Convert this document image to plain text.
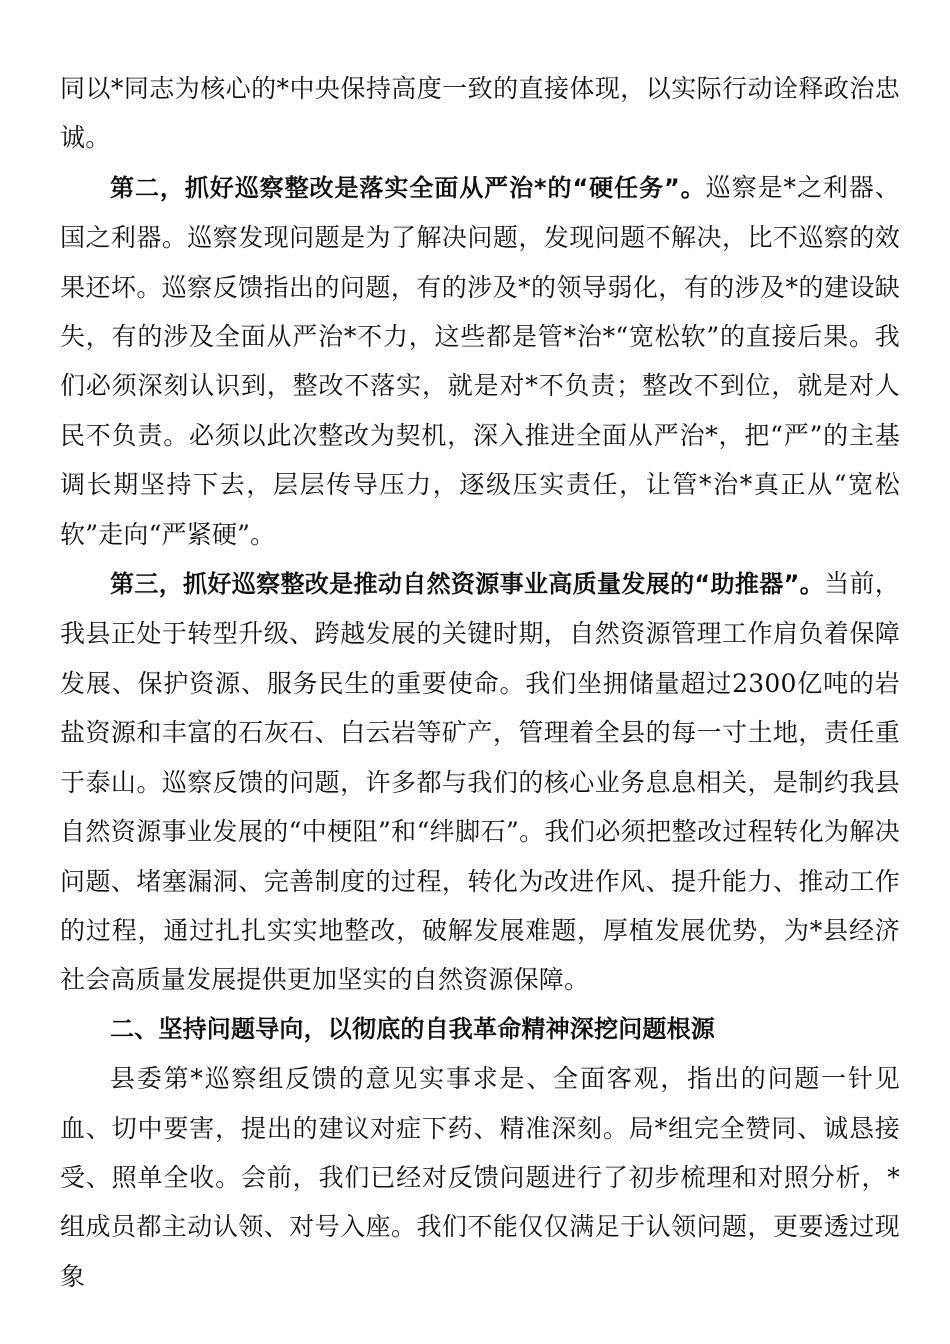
同以*同志为核心的*中央保持高度一致的直接体现，以实际行动诠释政治忠诚。

第二，抓好巡察整改是落实全面从严治*的“硬任务”。巡察是*之利器、国之利器。巡察发现问题是为了解决问题，发现问题不解决，比不巡察的效果还坏。巡察反馈指出的问题，有的涉及*的领导弱化，有的涉及*的建设缺失，有的涉及全面从严治*不力，这些都是管*治*“宽松软”的直接后果。我们必须深刻认识到，整改不落实，就是对*不负责；整改不到位，就是对人民不负责。必须以此次整改为契机，深入推进全面从严治*，把“严”的主基调长期坚持下去，层层传导压力，逐级压实责任，让管*治*真正从“宽松软”走向“严紧硬”。

第三，抓好巡察整改是推动自然资源事业高质量发展的“助推器”。当前，我县正处于转型升级、跨越发展的关键时期，自然资源管理工作肩负着保障发展、保护资源、服务民生的重要使命。我们坐拥储量超过2300亿吨的岩盐资源和丰富的石灰石、白云岩等矿产，管理着全县的每一寸土地，责任重于泰山。巡察反馈的问题，许多都与我们的核心业务息息相关，是制约我县自然资源事业发展的“中梗阻”和“绊脚石”。我们必须把整改过程转化为解决问题、堵塞漏洞、完善制度的过程，转化为改进作风、提升能力、推动工作的过程，通过扎扎实实地整改，破解发展难题，厚植发展优势，为*县经济社会高质量发展提供更加坚实的自然资源保障。

二、坚持问题导向，以彻底的自我革命精神深挖问题根源

县委第*巡察组反馈的意见实事求是、全面客观，指出的问题一针见血、切中要害，提出的建议对症下药、精准深刻。局*组完全赞同、诚恳接受、照单全收。会前，我们已经对反馈问题进行了初步梳理和对照分析，*组成员都主动认领、对号入座。我们不能仅仅满足于认领问题，更要透过现象
